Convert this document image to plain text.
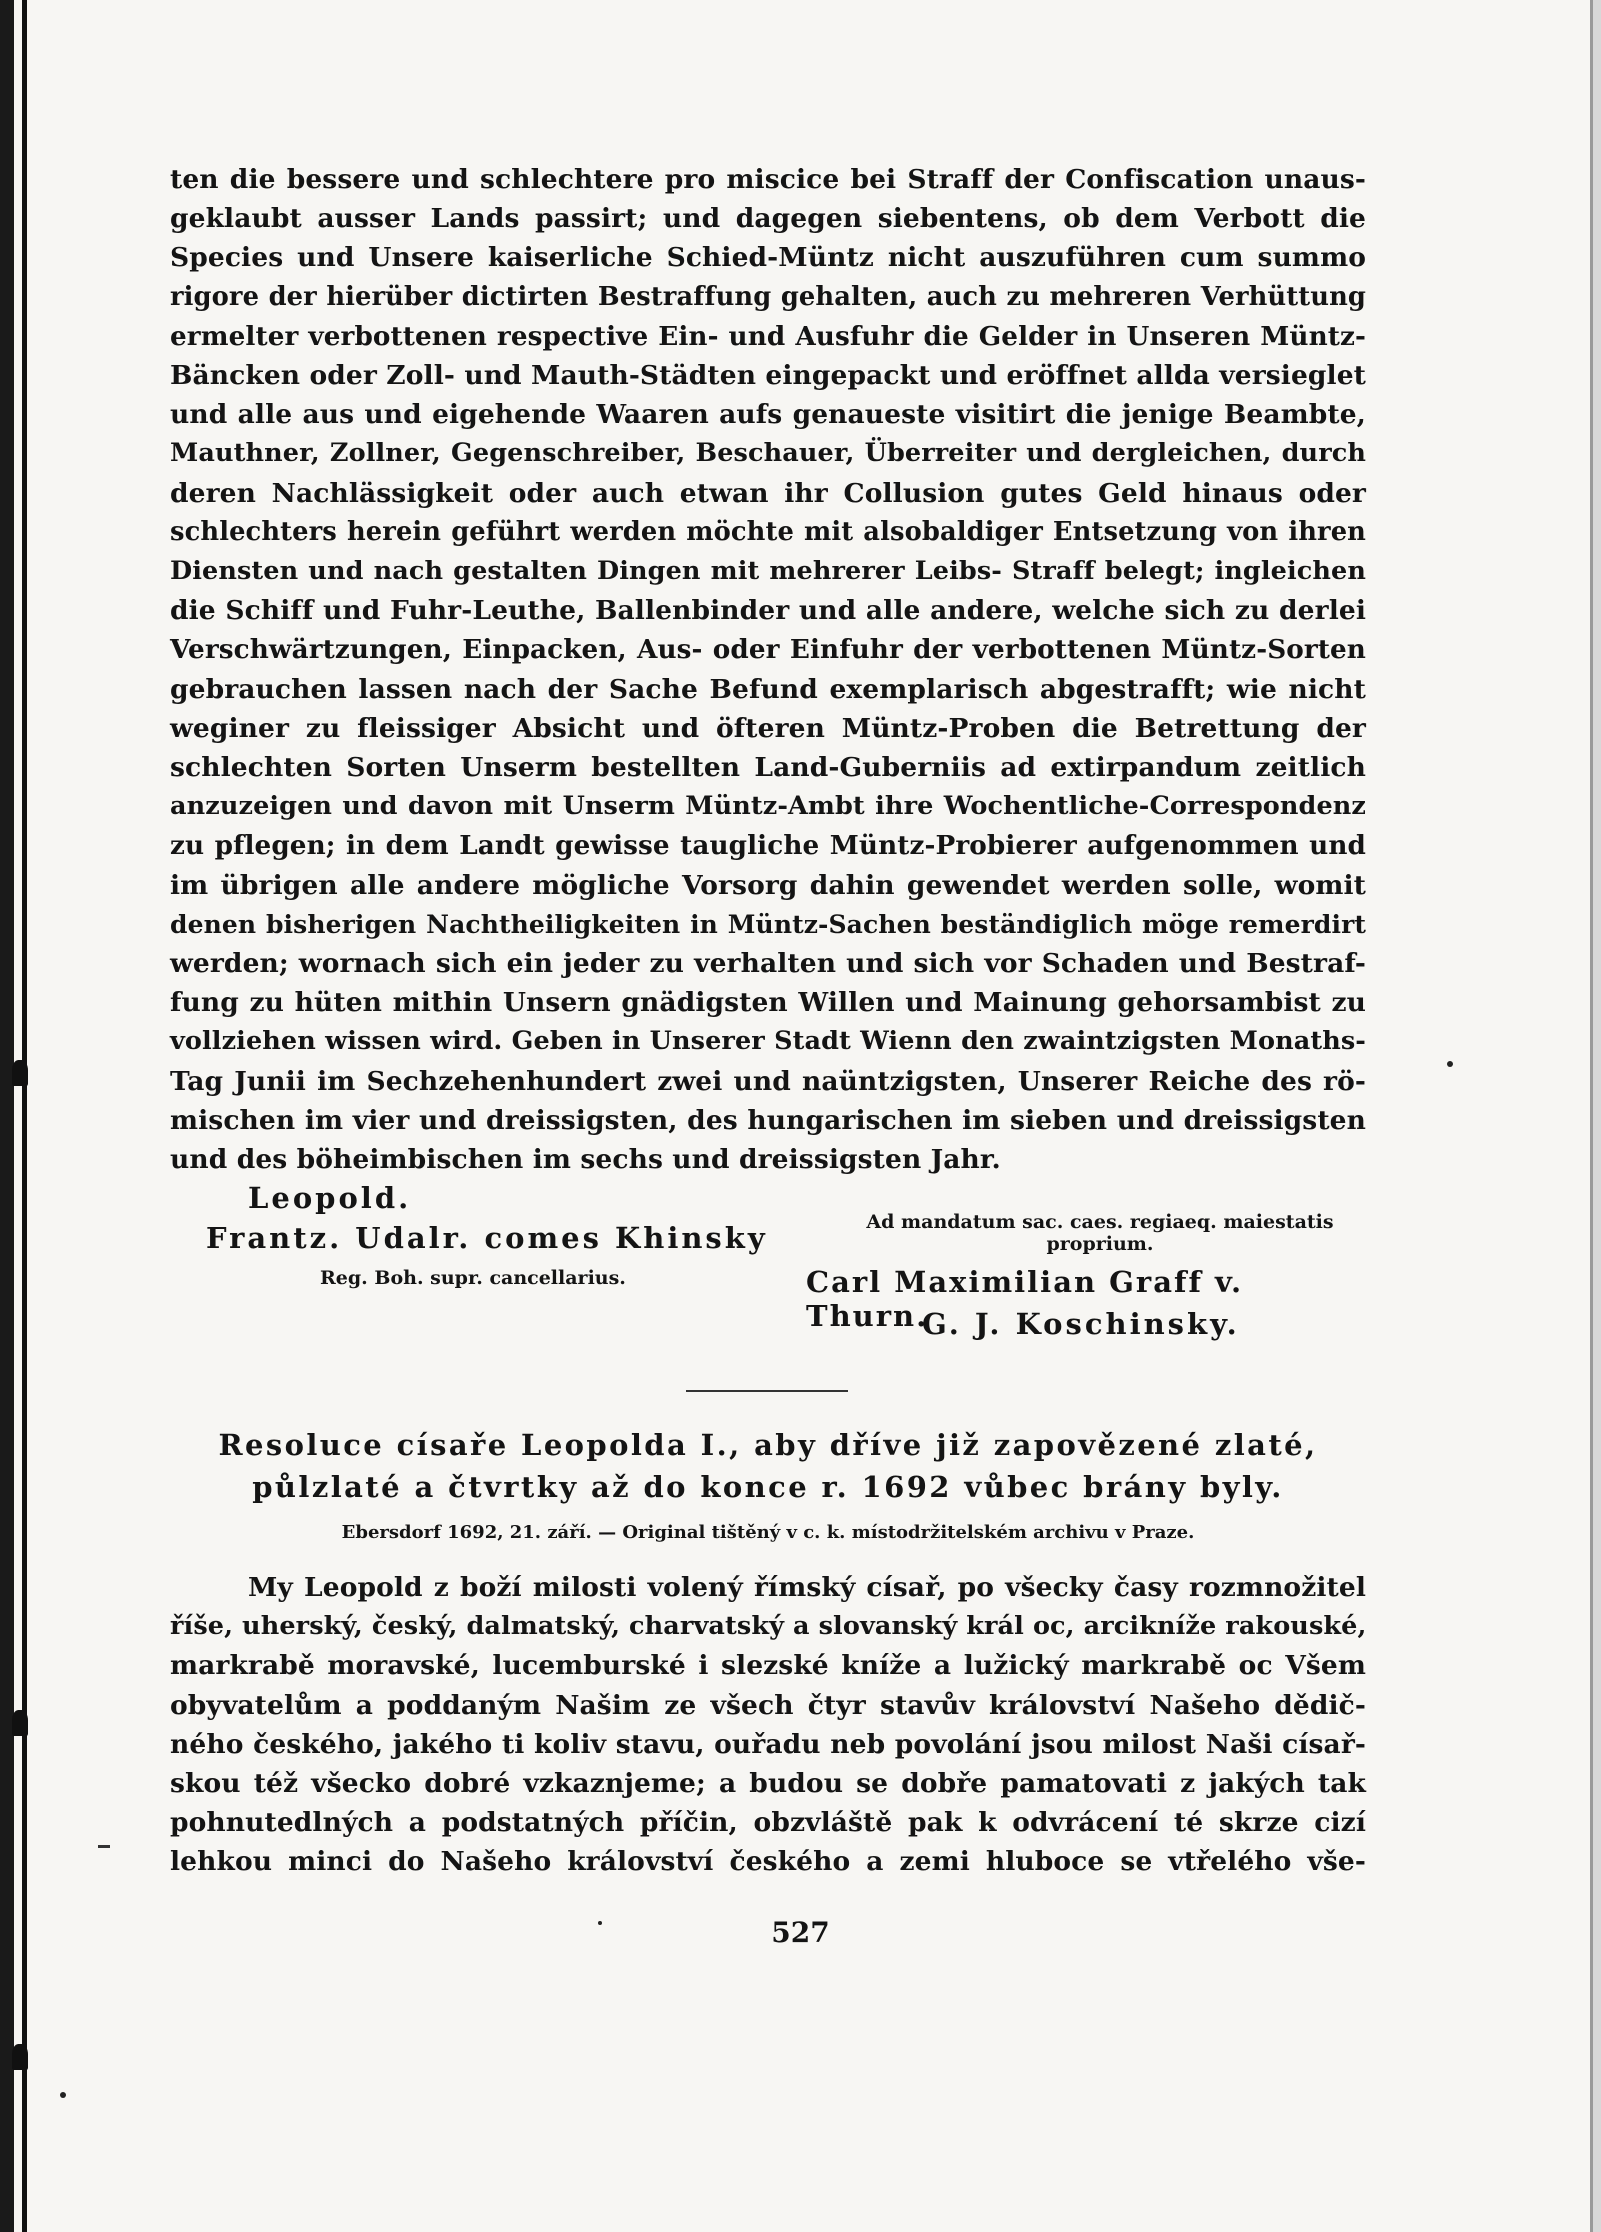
ten die bessere und schlechtere pro miscice bei Straff der Confiscation unaus-
geklaubt ausser Lands passirt; und dagegen siebentens, ob dem Verbott die
Species und Unsere kaiserliche Schied-Müntz nicht auszuführen cum summo
rigore der hierüber dictirten Bestraffung gehalten, auch zu mehreren Verhüttung
ermelter verbottenen respective Ein- und Ausfuhr die Gelder in Unseren Müntz-
Bäncken oder Zoll- und Mauth-Städten eingepackt und eröffnet allda versieglet
und alle aus und eigehende Waaren aufs genaueste visitirt die jenige Beambte,
Mauthner, Zollner, Gegenschreiber, Beschauer, Überreiter und dergleichen, durch
deren Nachlässigkeit oder auch etwan ihr Collusion gutes Geld hinaus oder
schlechters herein geführt werden möchte mit alsobaldiger Entsetzung von ihren
Diensten und nach gestalten Dingen mit mehrerer Leibs- Straff belegt; ingleichen
die Schiff und Fuhr-Leuthe, Ballenbinder und alle andere, welche sich zu derlei
Verschwärtzungen, Einpacken, Aus- oder Einfuhr der verbottenen Müntz-Sorten
gebrauchen lassen nach der Sache Befund exemplarisch abgestrafft; wie nicht
weginer zu fleissiger Absicht und öfteren Müntz-Proben die Betrettung der
schlechten Sorten Unserm bestellten Land-Guberniis ad extirpandum zeitlich
anzuzeigen und davon mit Unserm Müntz-Ambt ihre Wochentliche-Correspondenz
zu pflegen; in dem Landt gewisse taugliche Müntz-Probierer aufgenommen und
im übrigen alle andere mögliche Vorsorg dahin gewendet werden solle, womit
denen bisherigen Nachtheiligkeiten in Müntz-Sachen beständiglich möge remerdirt
werden; wornach sich ein jeder zu verhalten und sich vor Schaden und Bestraf-
fung zu hüten mithin Unsern gnädigsten Willen und Mainung gehorsambist zu
vollziehen wissen wird. Geben in Unserer Stadt Wienn den zwaintzigsten Monaths-
Tag Junii im Sechzehenhundert zwei und naüntzigsten, Unserer Reiche des rö-
mischen im vier und dreissigsten, des hungarischen im sieben und dreissigsten
und des böheimbischen im sechs und dreissigsten Jahr.

Leopold.
Frantz. Udalr. comes Khinsky
Reg. Boh. supr. cancellarius.
Ad mandatum sac. caes. regiaeq. maiestatis proprium.
Carl Maximilian Graff v. Thurn.
G. J. Koschinsky.
Resoluce císaře Leopolda I., aby dříve již zapovězené zlaté,
půlzlaté a čtvrtky až do konce r. 1692 vůbec brány byly.
Ebersdorf 1692, 21. září. — Original tištěný v c. k. místodržitelském archivu v Praze.

My Leopold z boží milosti volený římský císař, po všecky časy rozmnožitel
říše, uherský, český, dalmatský, charvatský a slovanský král oc, arcikníže rakouské,
markrabě moravské, lucemburské i slezské kníže a lužický markrabě oc Všem
obyvatelům a poddaným Našim ze všech čtyr stavův království Našeho dědič-
ného českého, jakého ti koliv stavu, ouřadu neb povolání jsou milost Naši císař-
skou též všecko dobré vzkaznjeme; a budou se dobře pamatovati z jakých tak
pohnutedlných a podstatných příčin, obzvláště pak k odvrácení té skrze cizí
lehkou minci do Našeho království českého a zemi hluboce se vtřelého vše-

527
